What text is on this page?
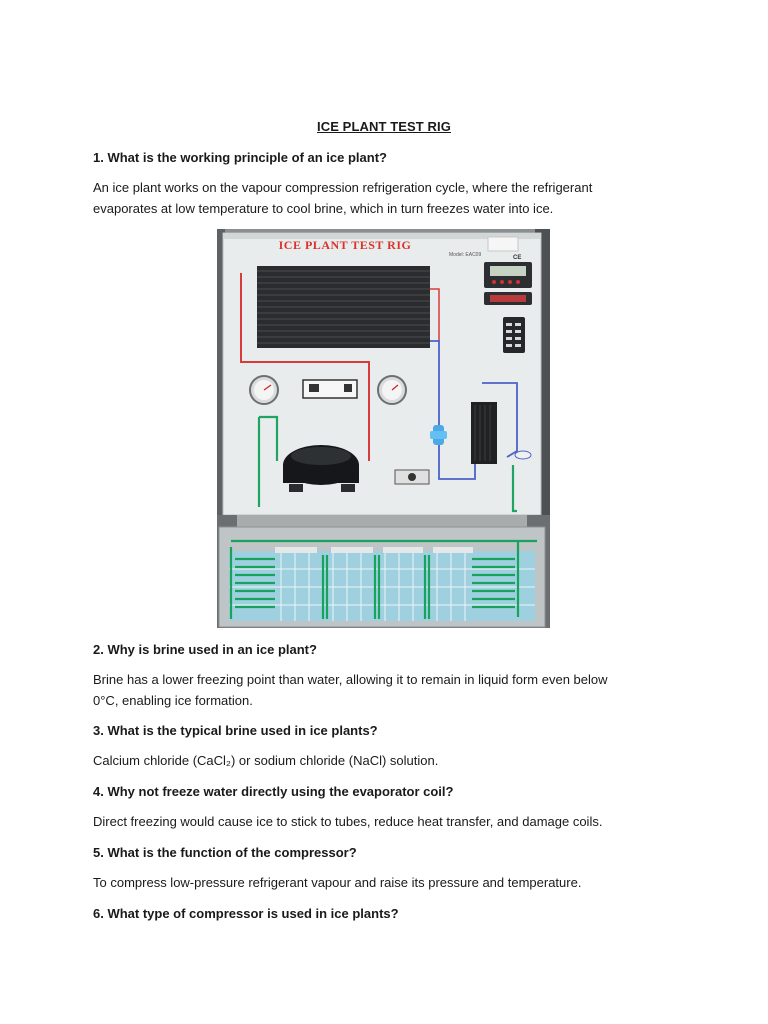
ICE PLANT TEST RIG
1. What is the working principle of an ice plant?
An ice plant works on the vapour compression refrigeration cycle, where the refrigerant
evaporates at low temperature to cool brine, which in turn freezes water into ice.
ICE PLANT TEST RIG
Model: EAC09	CE
2. Why is brine used in an ice plant?
Brine has a lower freezing point than water, allowing it to remain in liquid form even below
0°C, enabling ice formation.
3. What is the typical brine used in ice plants?
Calcium chloride (CaCl₂) or sodium chloride (NaCl) solution.
4. Why not freeze water directly using the evaporator coil?
Direct freezing would cause ice to stick to tubes, reduce heat transfer, and damage coils.
5. What is the function of the compressor?
To compress low-pressure refrigerant vapour and raise its pressure and temperature.
6. What type of compressor is used in ice plants?
